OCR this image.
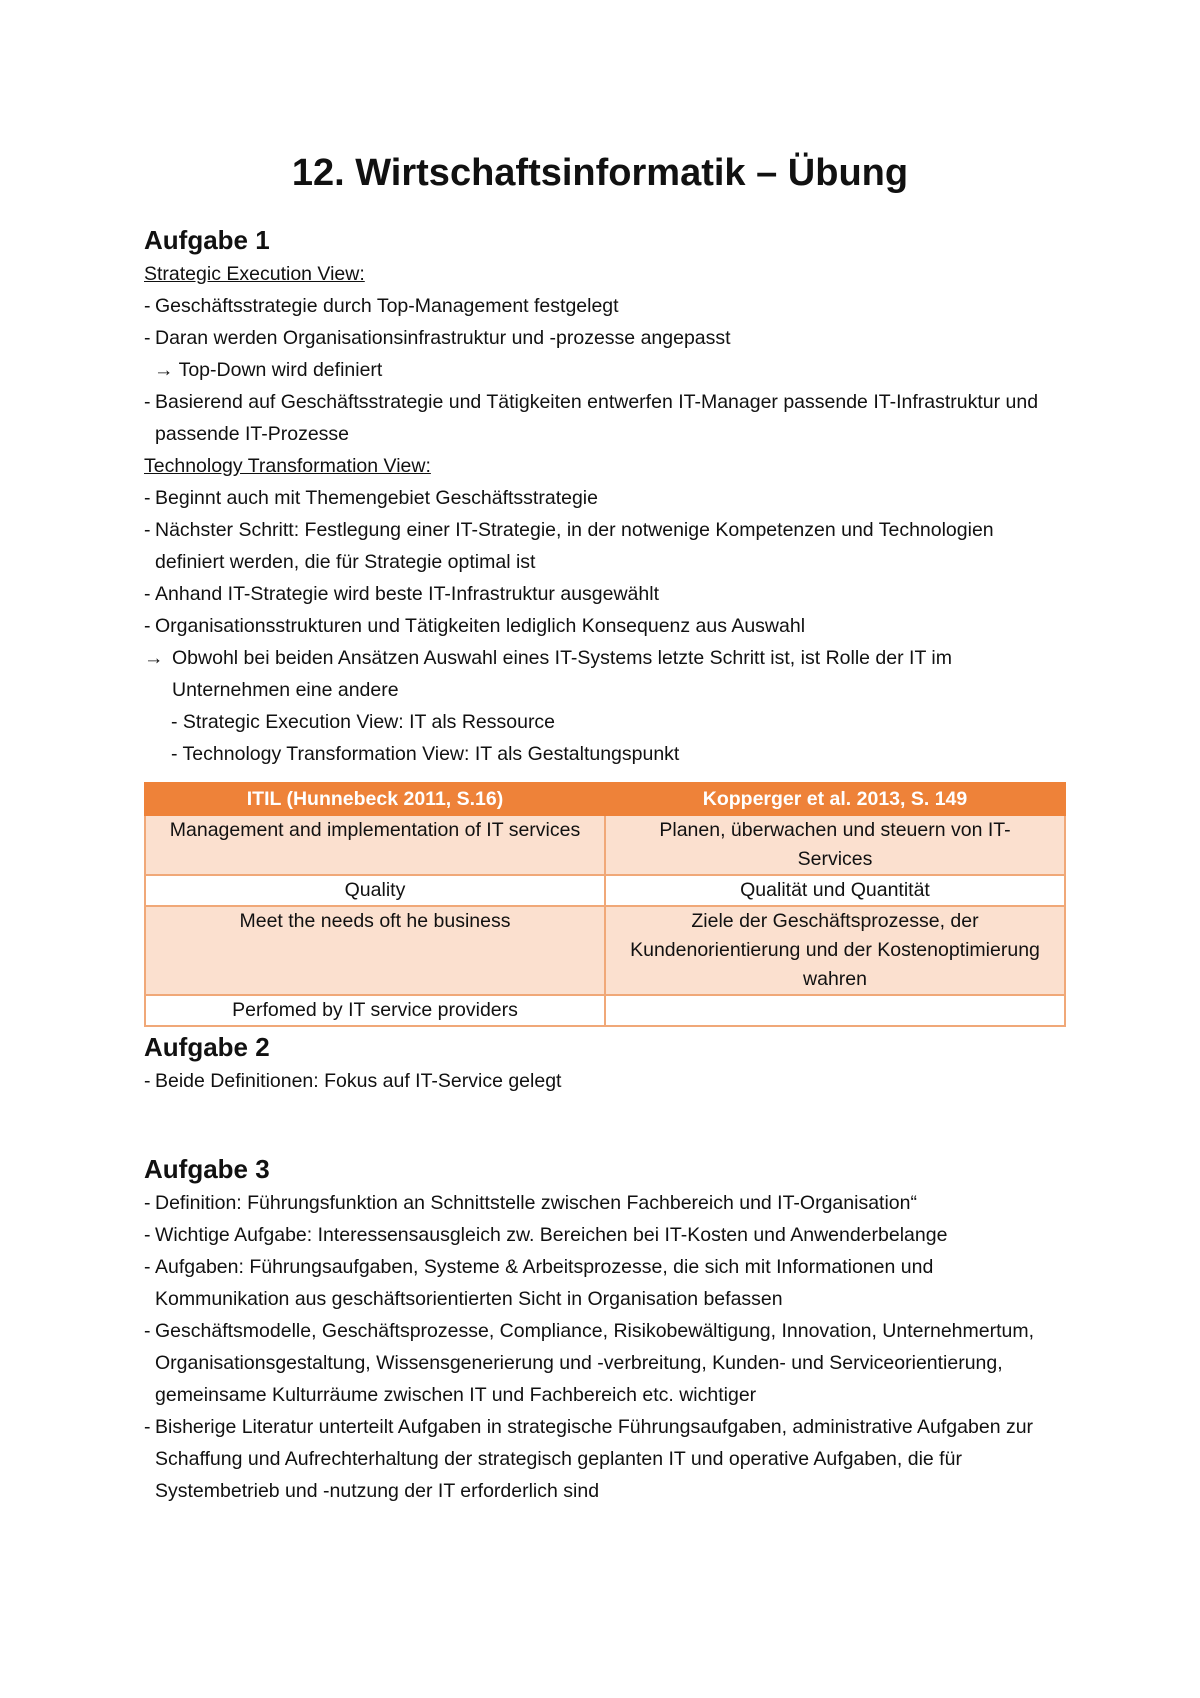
12. Wirtschaftsinformatik – Übung
Aufgabe 1
Strategic Execution View:
- Geschäftsstrategie durch Top-Management festgelegt
- Daran werden Organisationsinfrastruktur und -prozesse angepasst
→ Top-Down wird definiert
- Basierend auf Geschäftsstrategie und Tätigkeiten entwerfen IT-Manager passende IT-Infrastruktur und passende IT-Prozesse
Technology Transformation View:
- Beginnt auch mit Themengebiet Geschäftsstrategie
- Nächster Schritt: Festlegung einer IT-Strategie, in der notwenige Kompetenzen und Technologien definiert werden, die für Strategie optimal ist
- Anhand IT-Strategie wird beste IT-Infrastruktur ausgewählt
- Organisationsstrukturen und Tätigkeiten lediglich Konsequenz aus Auswahl
→ Obwohl bei beiden Ansätzen Auswahl eines IT-Systems letzte Schritt ist, ist Rolle der IT im Unternehmen eine andere
- Strategic Execution View: IT als Ressource
- Technology Transformation View: IT als Gestaltungspunkt
ITIL (Hunnebeck 2011, S.16)	Kopperger et al. 2013, S. 149
Management and implementation of IT services	Planen, überwachen und steuern von IT-Services
Quality	Qualität und Quantität
Meet the needs oft he business	Ziele der Geschäftsprozesse, der Kundenorientierung und der Kostenoptimierung wahren
Perfomed by IT service providers	
Aufgabe 2
- Beide Definitionen: Fokus auf IT-Service gelegt
Aufgabe 3
- Definition: Führungsfunktion an Schnittstelle zwischen Fachbereich und IT-Organisation“
- Wichtige Aufgabe: Interessensausgleich zw. Bereichen bei IT-Kosten und Anwenderbelange
- Aufgaben: Führungsaufgaben, Systeme & Arbeitsprozesse, die sich mit Informationen und Kommunikation aus geschäftsorientierten Sicht in Organisation befassen
- Geschäftsmodelle, Geschäftsprozesse, Compliance, Risikobewältigung, Innovation, Unternehmertum, Organisationsgestaltung, Wissensgenerierung und -verbreitung, Kunden- und Serviceorientierung, gemeinsame Kulturräume zwischen IT und Fachbereich etc. wichtiger
- Bisherige Literatur unterteilt Aufgaben in strategische Führungsaufgaben, administrative Aufgaben zur Schaffung und Aufrechterhaltung der strategisch geplanten IT und operative Aufgaben, die für Systembetrieb und -nutzung der IT erforderlich sind
